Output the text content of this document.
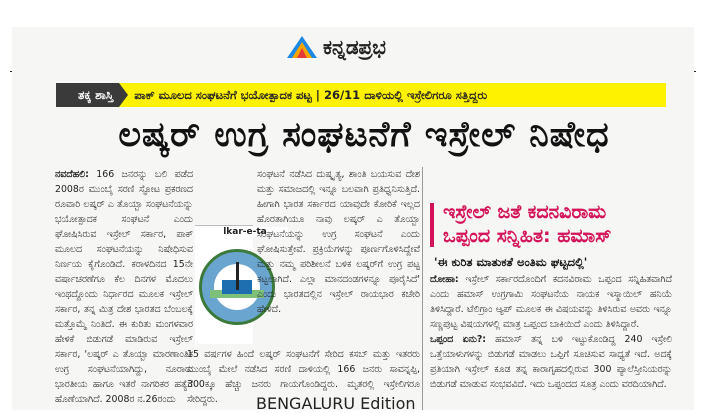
ಕನ್ನಡಪ್ರಭ
ತಕ್ಕ ಶಾಸ್ತಿ	ಪಾಕ್ ಮೂಲದ ಸಂಘಟನೆಗೆ ಭಯೋತ್ಪಾದಕ ಪಟ್ಟ | 26/11 ದಾಳಿಯಲ್ಲಿ ಇಸ್ರೇಲಿಗರೂ ಸತ್ತಿದ್ದರು
ಲಷ್ಕರ್ ಉಗ್ರ ಸಂಘಟನೆಗೆ ಇಸ್ರೇಲ್ ನಿಷೇಧ
ನವದೆಹಲಿ: 166 ಜನರನ್ನು ಬಲಿ ಪಡೆದ 2008ರ ಮುಂಬೈ ಸರಣಿ ಸ್ಫೋಟ ಪ್ರಕರಣದ ರೂವಾರಿ ಲಷ್ಕರ್ ಎ ತೊಯ್ಬಾ ಸಂಘಟನೆಯನ್ನು ಭಯೋತ್ಪಾದಕ ಸಂಘಟನೆ ಎಂದು ಘೋಷಿಸಿರುವ ಇಸ್ರೇಲ್ ಸರ್ಕಾರ, ಪಾಕ್ ಮೂಲದ ಸಂಘಟನೆಯನ್ನು ನಿಷೇಧಿಸುವ ನಿರ್ಣಯ ಕೈಗೊಂಡಿದೆ. ಕರಾಳದಿನದ 15ನೇ ವರ್ಷಾಚರಣೆಗೂ ಕೆಲ ದಿನಗಳ ಮೊದಲು ಇಂಥದ್ದೊಂದು ನಿರ್ಧಾರದ ಮೂಲಕ ಇಸ್ರೇಲ್ ಸರ್ಕಾರ, ತನ್ನ ಮಿತ್ರ ದೇಶ ಭಾರತದ ಬೆಂಬಲಕ್ಕೆ ಮತ್ತೊಮ್ಮೆ ನಿಂತಿದೆ. ಈ ಕುರಿತು ಮಂಗಳವಾರ ಹೇಳಿಕೆ ಬಿಡುಗಡೆ ಮಾಡಿರುವ ಇಸ್ರೇಲ್ ಸರ್ಕಾರ, 'ಲಷ್ಕರ್ ಎ ತೊಯ್ಬಾ ಮಾರಣಾಂತಿಕ ಉಗ್ರ ಸಂಘಟನೆಯಾಗಿದ್ದು, ನೂರಾರು ಭಾರತೀಯ ಹಾಗೂ ಇತರೆ ನಾಗರಿಕರ ಹತ್ಯೆಗೆ ಹೊಣೆಯಾಗಿದೆ. 2008ರ ನ.26ರಂದು
lkar-e-ta
ಸಂಘಟನೆ ನಡೆಸಿದ ದುಷ್ಕೃತ್ಯ, ಶಾಂತಿ ಬಯಸುವ ದೇಶ ಮತ್ತು ಸಮಾಜದಲ್ಲಿ ಇನ್ನೂ ಬಲವಾಗಿ ಪ್ರತಿಧ್ವನಿಸುತ್ತಿದೆ. ಹೀಗಾಗಿ ಭಾರತ ಸರ್ಕಾರದ ಯಾವುದೇ ಕೋರಿಕೆ ಇಲ್ಲದ ಹೊರತಾಗಿಯೂ ನಾವು ಲಷ್ಕರ್ ಎ ತೊಯ್ಬಾ ಸಂಘಟನೆಯನ್ನು ಉಗ್ರ ಸಂಘಟನೆ ಎಂದು ಘೋಷಿಸುತ್ತೇವೆ. ಪ್ರಕ್ರಿಯೆಗಳನ್ನು ಪೂರ್ಣಗೊಳಿಸಿದ್ದೇವೆ ಮತ್ತು ನಮ್ಮ ಪರಿಶೀಲನೆ ಬಳಿಕ ಲಷ್ಕರ್‌ಗೆ ಉಗ್ರ ಪಟ್ಟ ಕಟ್ಟಲಾಗಿದೆ. ಎಲ್ಲಾ ಮಾನದಂಡಗಳನ್ನೂ ಪೂರೈಸಿದೆ' ಎಂದು ಭಾರತದಲ್ಲಿನ ಇಸ್ರೇಲ್ ರಾಯಭಾರ ಕಚೇರಿ ಹೇಳಿದೆ.
15 ವರ್ಷಗಳ ಹಿಂದೆ ಲಷ್ಕರ್ ಸಂಘಟನೆಗೆ ಸೇರಿದ ಕಸಬ್ ಮತ್ತು ಇತರರು ಮುಂಬೈ ಮೇಲೆ ನಡೆಸಿದ ಸರಣಿ ದಾಳಿಯಲ್ಲಿ 166 ಜನರು ಸಾವನ್ನಪ್ಪಿ, 300ಕ್ಕೂ ಹೆಚ್ಚು ಜನರು ಗಾಯಗೊಂಡಿದ್ದರು. ಮೃತರಲ್ಲಿ ಇಸ್ರೇಲಿಗರೂ ಸೇರಿದ್ದರು.
ಇಸ್ರೇಲ್ ಜತೆ ಕದನವಿರಾಮ
ಒಪ್ಪಂದ ಸನ್ನಿಹಿತ: ಹಮಾಸ್
'ಈ ಕುರಿತ ಮಾತುಕತೆ ಅಂತಿಮ ಘಟ್ಟದಲ್ಲಿ'
ದೋಹಾ: ಇಸ್ರೇಲ್ ಸರ್ಕಾರದೊಂದಿಗೆ ಕದನವಿರಾಮ ಒಪ್ಪಂದ ಸನ್ನಿಹಿತವಾಗಿದೆ ಎಂದು ಹಮಾಸ್ ಉಗ್ರಗಾಮಿ ಸಂಘಟನೆಯ ನಾಯಕ ಇಸ್ಮಾಯಿಲ್ ಹನಿಯೆ ತಿಳಿಸಿದ್ದಾರೆ. ಟೆಲಿಗ್ರಾಂ ಆ್ಯಪ್ ಮೂಲಕ ಈ ವಿಷಯವನ್ನು ತಿಳಿಸಿರುವ ಅವರು ಇನ್ನೂ ಸಣ್ಣಪುಟ್ಟ ವಿಷಯಗಳಲ್ಲಿ ಮಾತ್ರ ಒಪ್ಪಂದ ಬಾಕಿಯಿದೆ ಎಂದು ತಿಳಿಸಿದ್ದಾರೆ.
ಒಪ್ಪಂದ ಏನು?: ಹಮಾಸ್ ತನ್ನ ಬಳಿ ಇಟ್ಟುಕೊಂಡಿದ್ದ 240 ಇಸ್ರೇಲಿ ಒತ್ತೆಯಾಳುಗಳನ್ನು ಬಿಡುಗಡೆ ಮಾಡಲು ಒಪ್ಪಿಗೆ ಸೂಚಿಸುವ ಸಾಧ್ಯತೆ ಇದೆ. ಅದಕ್ಕೆ ಪ್ರತಿಯಾಗಿ ಇಸ್ರೇಲ್ ಕೂಡ ತನ್ನ ಕಾರಾಗೃಹದಲ್ಲಿರುವ 300 ಪ್ಯಾಲೆಸ್ತೀನಿಯರನ್ನು ಬಿಡುಗಡೆ ಮಾಡುವ ಸಂಭವವಿದೆ. ಇದು ಒಪ್ಪಂದದ ಸೂತ್ರ ಎಂದು ವರದಿಯಾಗಿದೆ.
BENGALURU Edition
